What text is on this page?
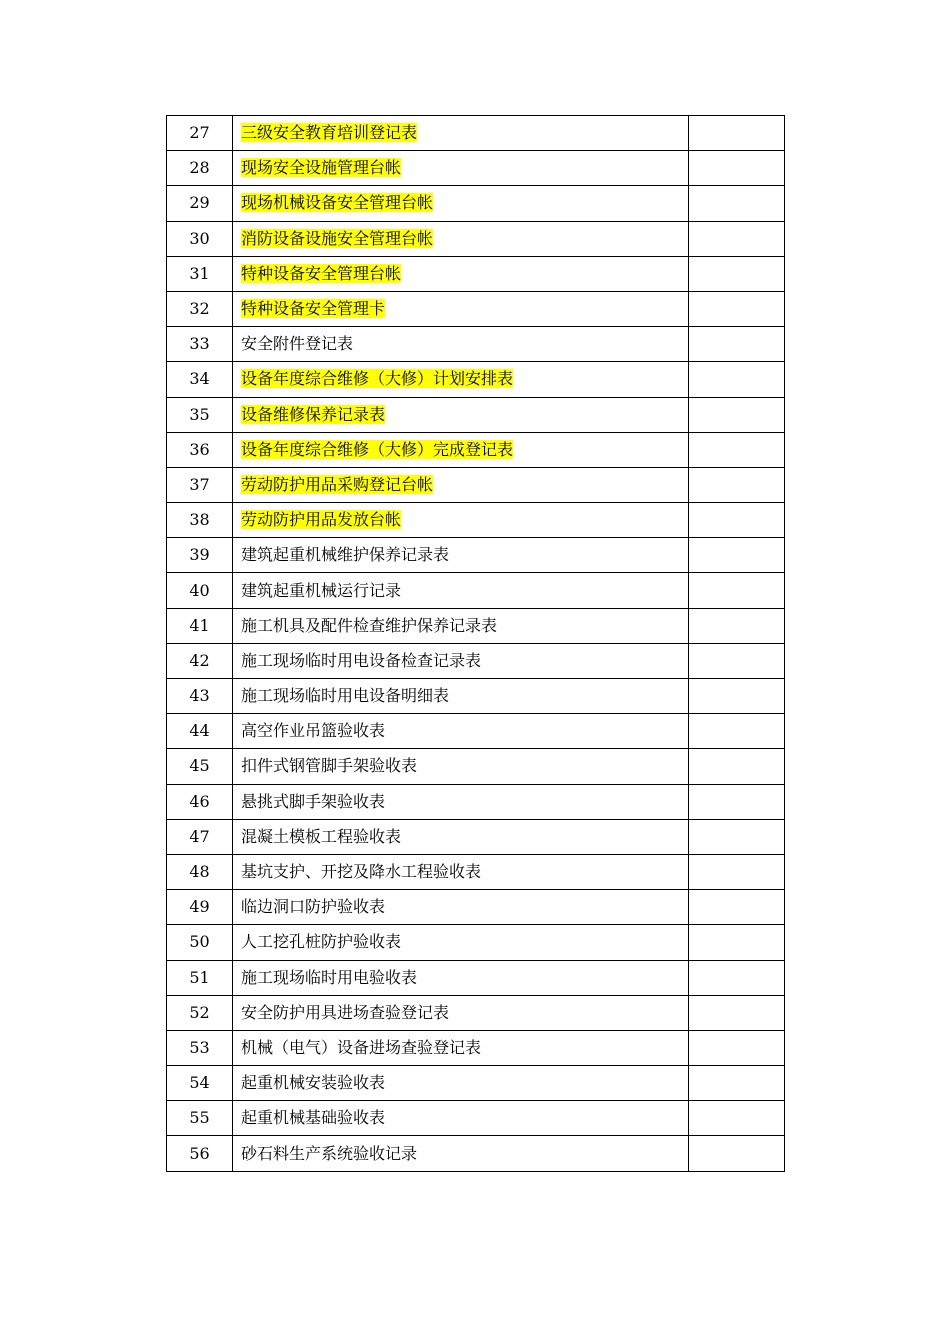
27	三级安全教育培训登记表	
28	现场安全设施管理台帐	
29	现场机械设备安全管理台帐	
30	消防设备设施安全管理台帐	
31	特种设备安全管理台帐	
32	特种设备安全管理卡	
33	安全附件登记表	
34	设备年度综合维修（大修）计划安排表	
35	设备维修保养记录表	
36	设备年度综合维修（大修）完成登记表	
37	劳动防护用品采购登记台帐	
38	劳动防护用品发放台帐	
39	建筑起重机械维护保养记录表	
40	建筑起重机械运行记录	
41	施工机具及配件检查维护保养记录表	
42	施工现场临时用电设备检查记录表	
43	施工现场临时用电设备明细表	
44	高空作业吊篮验收表	
45	扣件式钢管脚手架验收表	
46	悬挑式脚手架验收表	
47	混凝土模板工程验收表	
48	基坑支护、开挖及降水工程验收表	
49	临边洞口防护验收表	
50	人工挖孔桩防护验收表	
51	施工现场临时用电验收表	
52	安全防护用具进场查验登记表	
53	机械（电气）设备进场查验登记表	
54	起重机械安装验收表	
55	起重机械基础验收表	
56	砂石料生产系统验收记录	
